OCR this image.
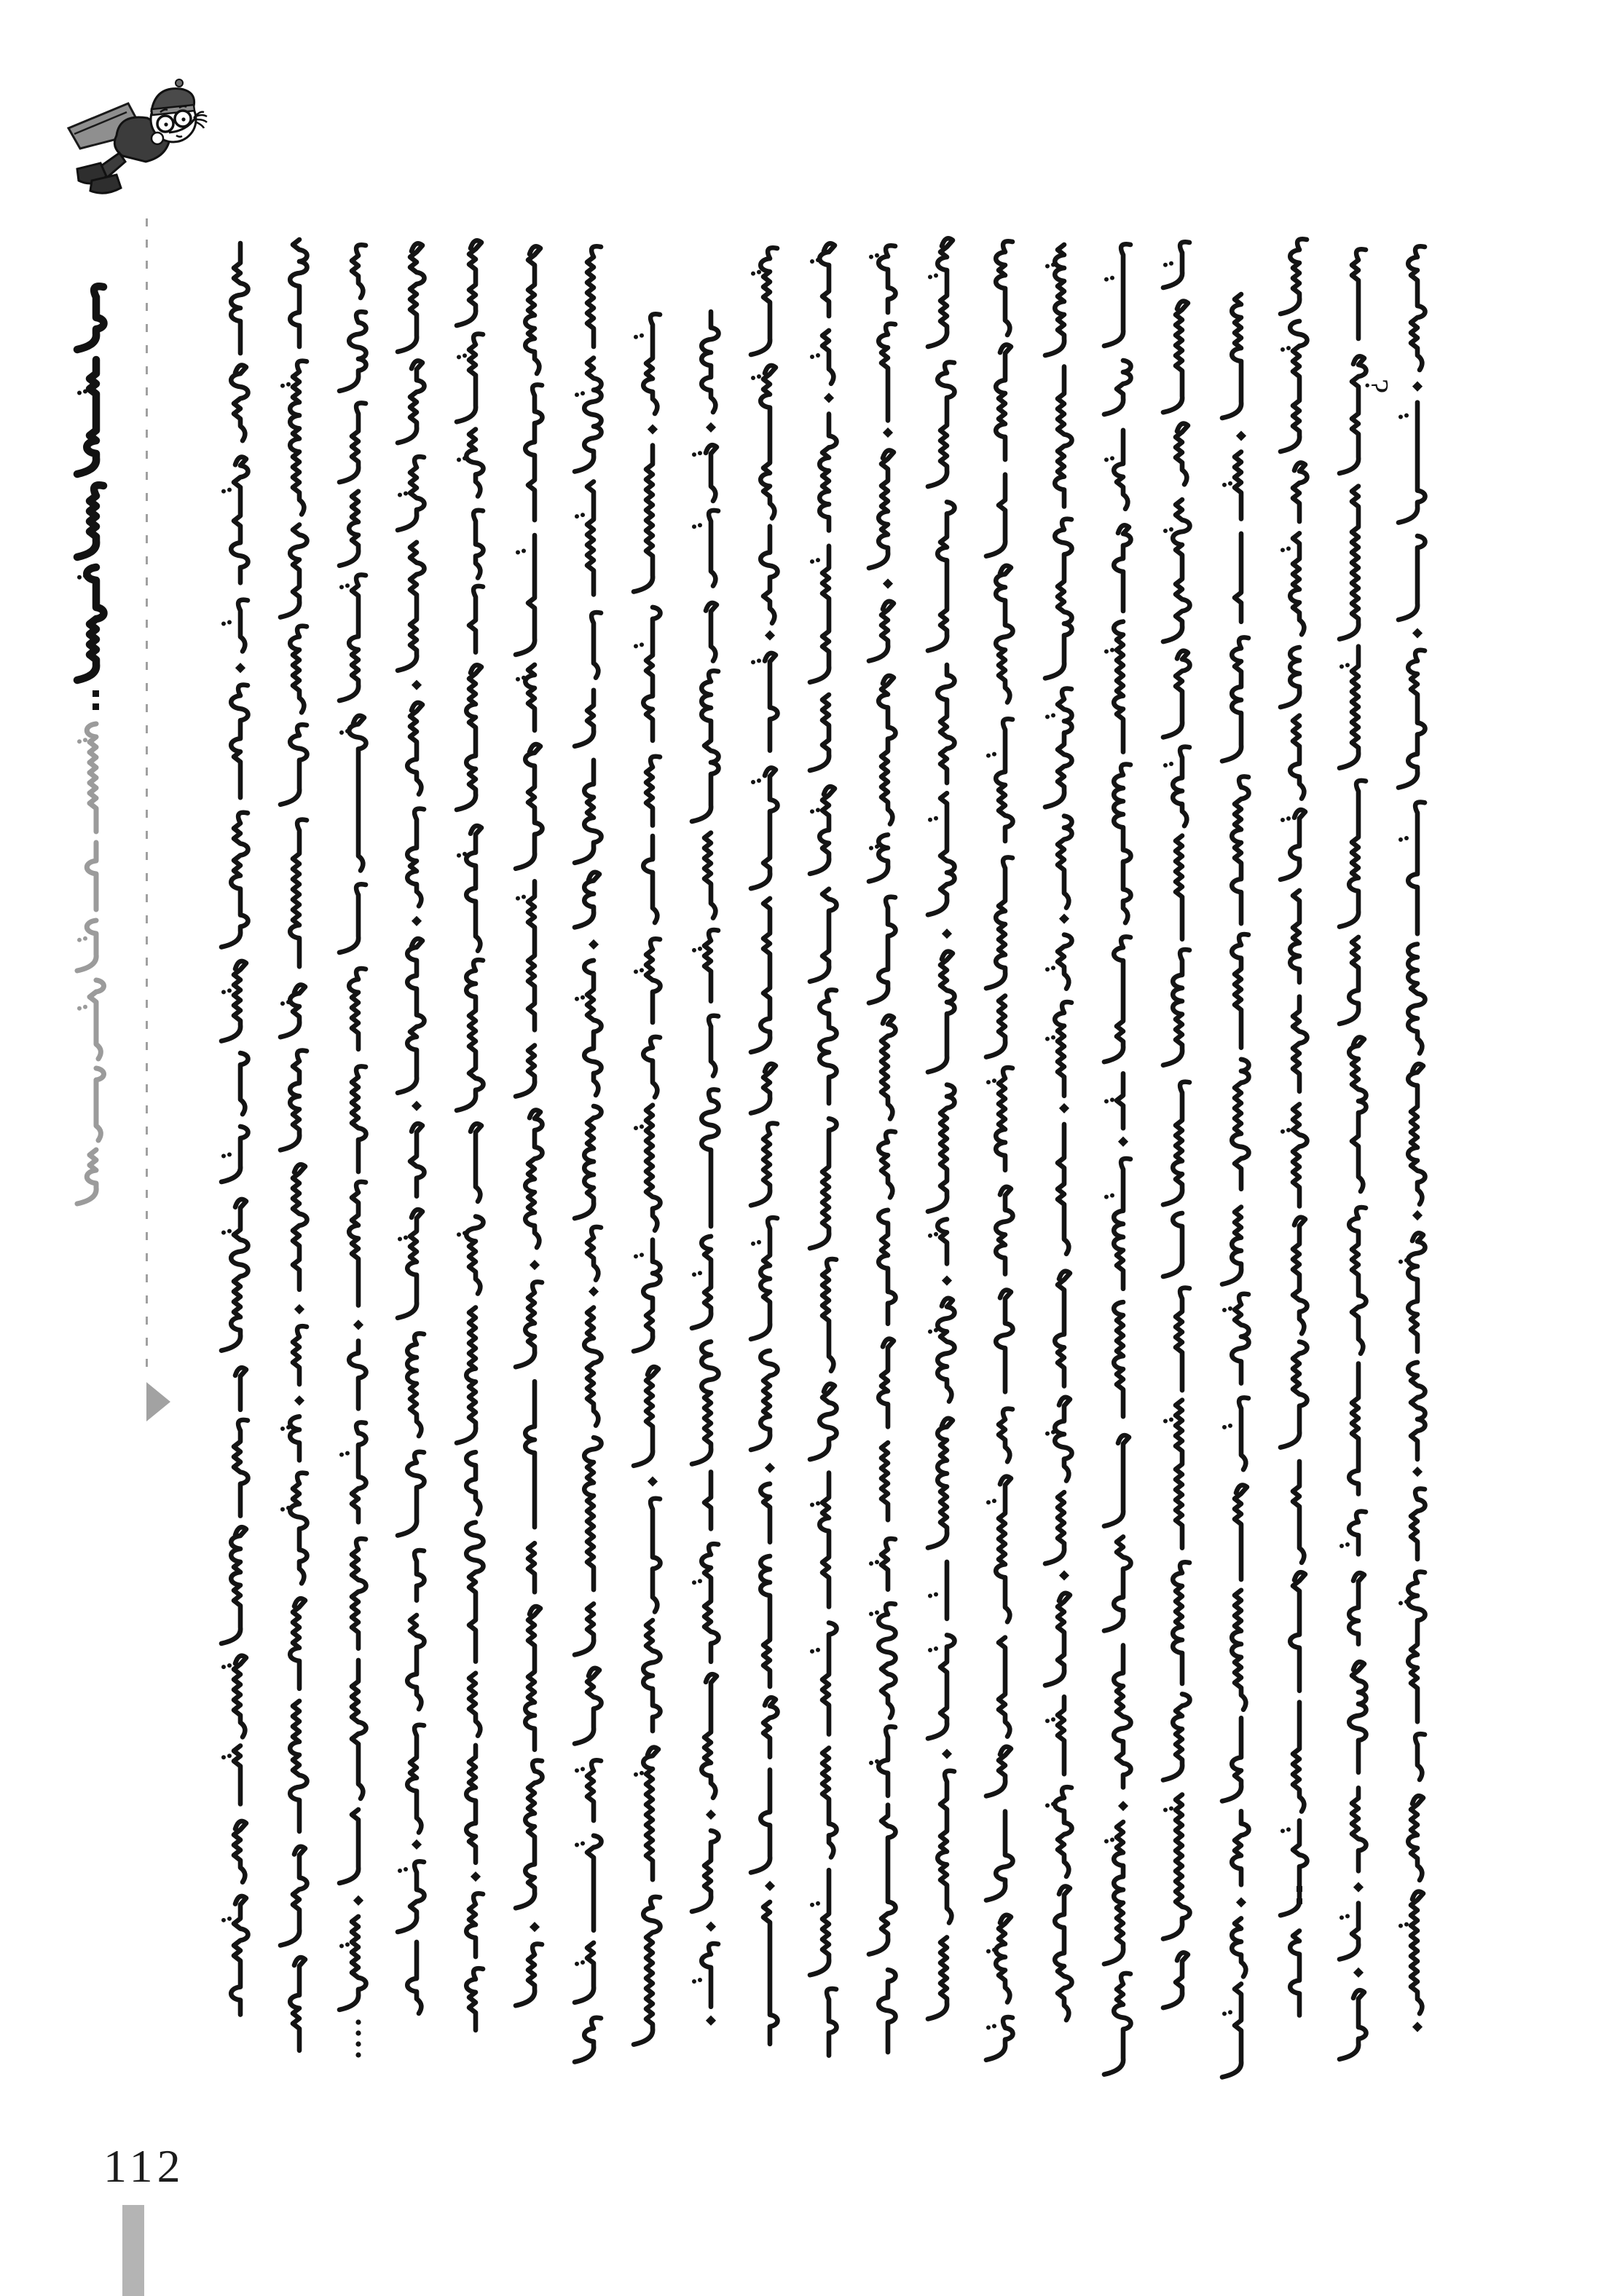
?
112
